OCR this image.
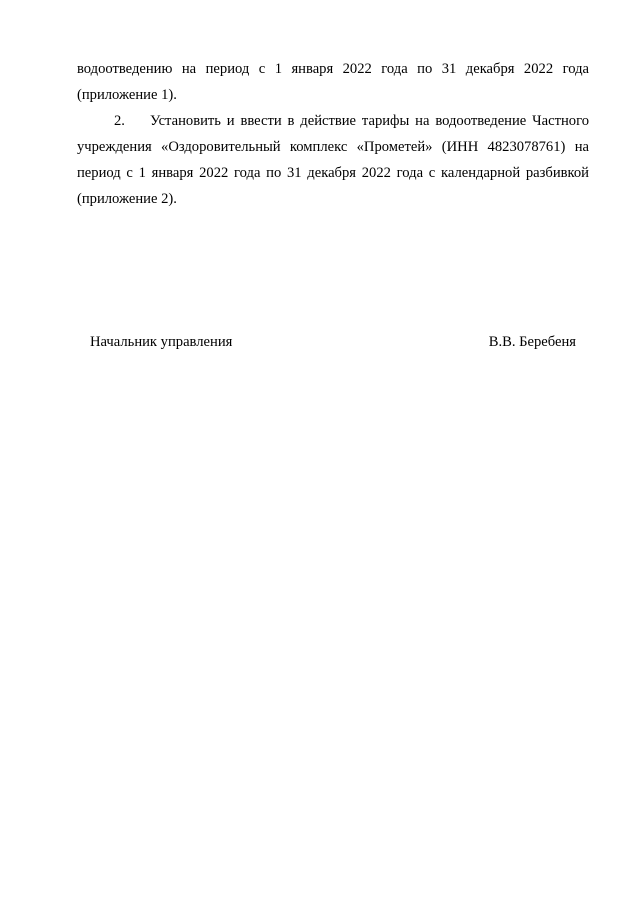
водоотведению на период с 1 января 2022 года по 31 декабря 2022 года (приложение 1).

2. Установить и ввести в действие тарифы на водоотведение Частного учреждения «Оздоровительный комплекс «Прометей» (ИНН 4823078761) на период с 1 января 2022 года по 31 декабря 2022 года с календарной разбивкой (приложение 2).

Начальник управления	В.В. Беребеня
